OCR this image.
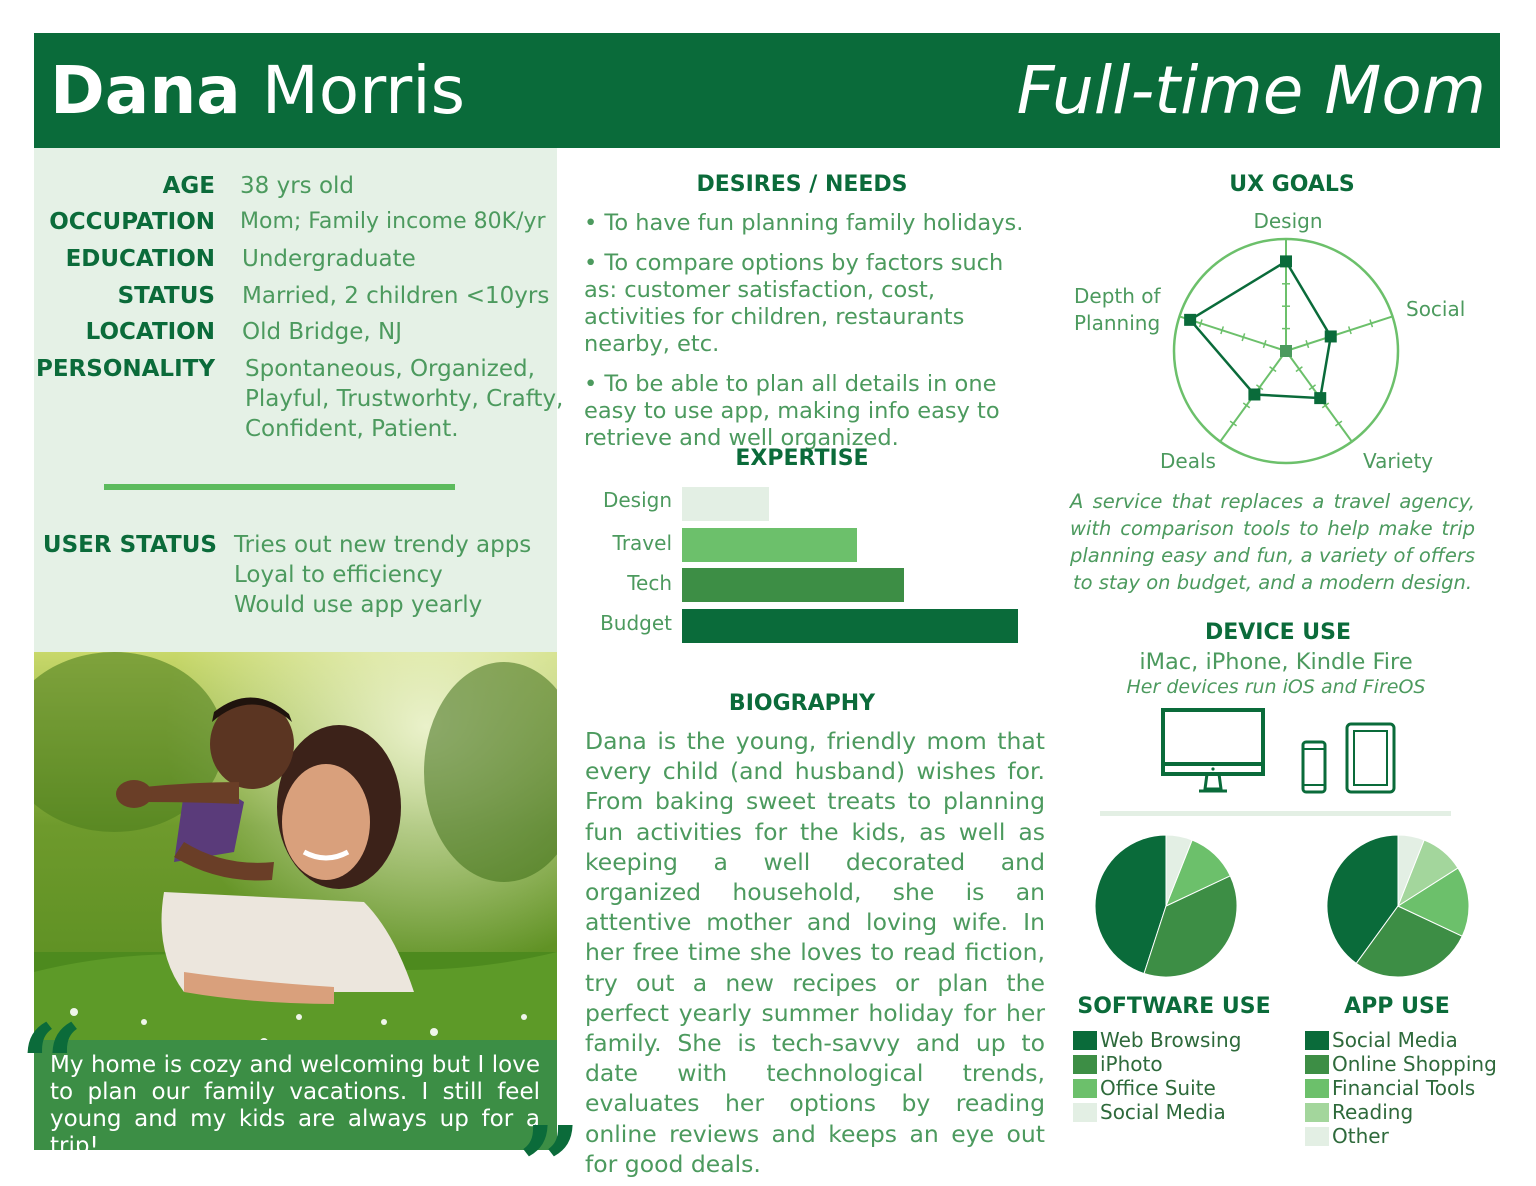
Dana Morris	Full-time Mom
AGE 38 yrs old
OCCUPATION Mom; Family income 80K/yr
EDUCATION Undergraduate
STATUS Married, 2 children <10yrs
LOCATION Old Bridge, NJ
PERSONALITY Spontaneous, Organized,
Playful, Trustworhty, Crafty,
Confident, Patient.
USER STATUS Tries out new trendy apps
Loyal to efficiency
Would use app yearly
My home is cozy and welcoming but I love to plan our family vacations. I still feel young and my kids are always up for a trip!
“
”
DESIRES / NEEDS

• To have fun planning family holidays.

• To compare options by factors such as: customer satisfaction, cost, activities for children, restaurants nearby, etc.

• To be able to plan all details in one easy to use app, making info easy to retrieve and well organized.

EXPERTISE
Design
Travel
Tech
Budget
BIOGRAPHY
Dana is the young, friendly mom that every child (and husband) wishes for. From baking sweet treats to planning fun activities for the kids, as well as keeping a well decorated and organized household, she is an attentive mother and loving wife. In her free time she loves to read fiction, try out a new recipes or plan the perfect yearly summer holiday for her family. She is tech-savvy and up to date with technological trends, evaluates her options by reading online reviews and keeps an eye out for good deals.
UX GOALS
Design
Social
Variety
Deals
Depth of
Planning
A service that replaces a travel agency, with comparison tools to help make trip planning easy and fun, a variety of offers to stay on budget, and a modern design.
DEVICE USE
iMac, iPhone, Kindle Fire
Her devices run iOS and FireOS
SOFTWARE USE	APP USE
Web Browsing
iPhoto
Office Suite
Social Media
Social Media
Online Shopping
Financial Tools
Reading
Other
